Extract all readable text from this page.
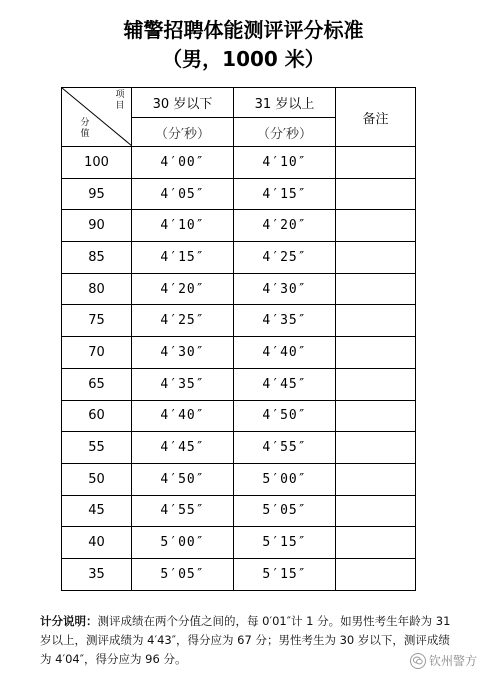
辅警招聘体能测评评分标准
（男，1000 米）
项目
分值	30 岁以下	31 岁以上	备注
	（分′秒）	（分′秒）	
100	4′00″	4′10″	
95	4′05″	4′15″	
90	4′10″	4′20″	
85	4′15″	4′25″	
80	4′20″	4′30″	
75	4′25″	4′35″	
70	4′30″	4′40″	
65	4′35″	4′45″	
60	4′40″	4′50″	
55	4′45″	4′55″	
50	4′50″	5′00″	
45	4′55″	5′05″	
40	5′00″	5′15″	
35	5′05″	5′15″	
计分说明：测评成绩在两个分值之间的，每 0′01″计 1 分。如男性考生年龄为 31 岁以上，测评成绩为 4′43″，得分应为 67 分；男性考生为 30 岁以下，测评成绩为 4′04″，得分应为 96 分。	钦州警方
